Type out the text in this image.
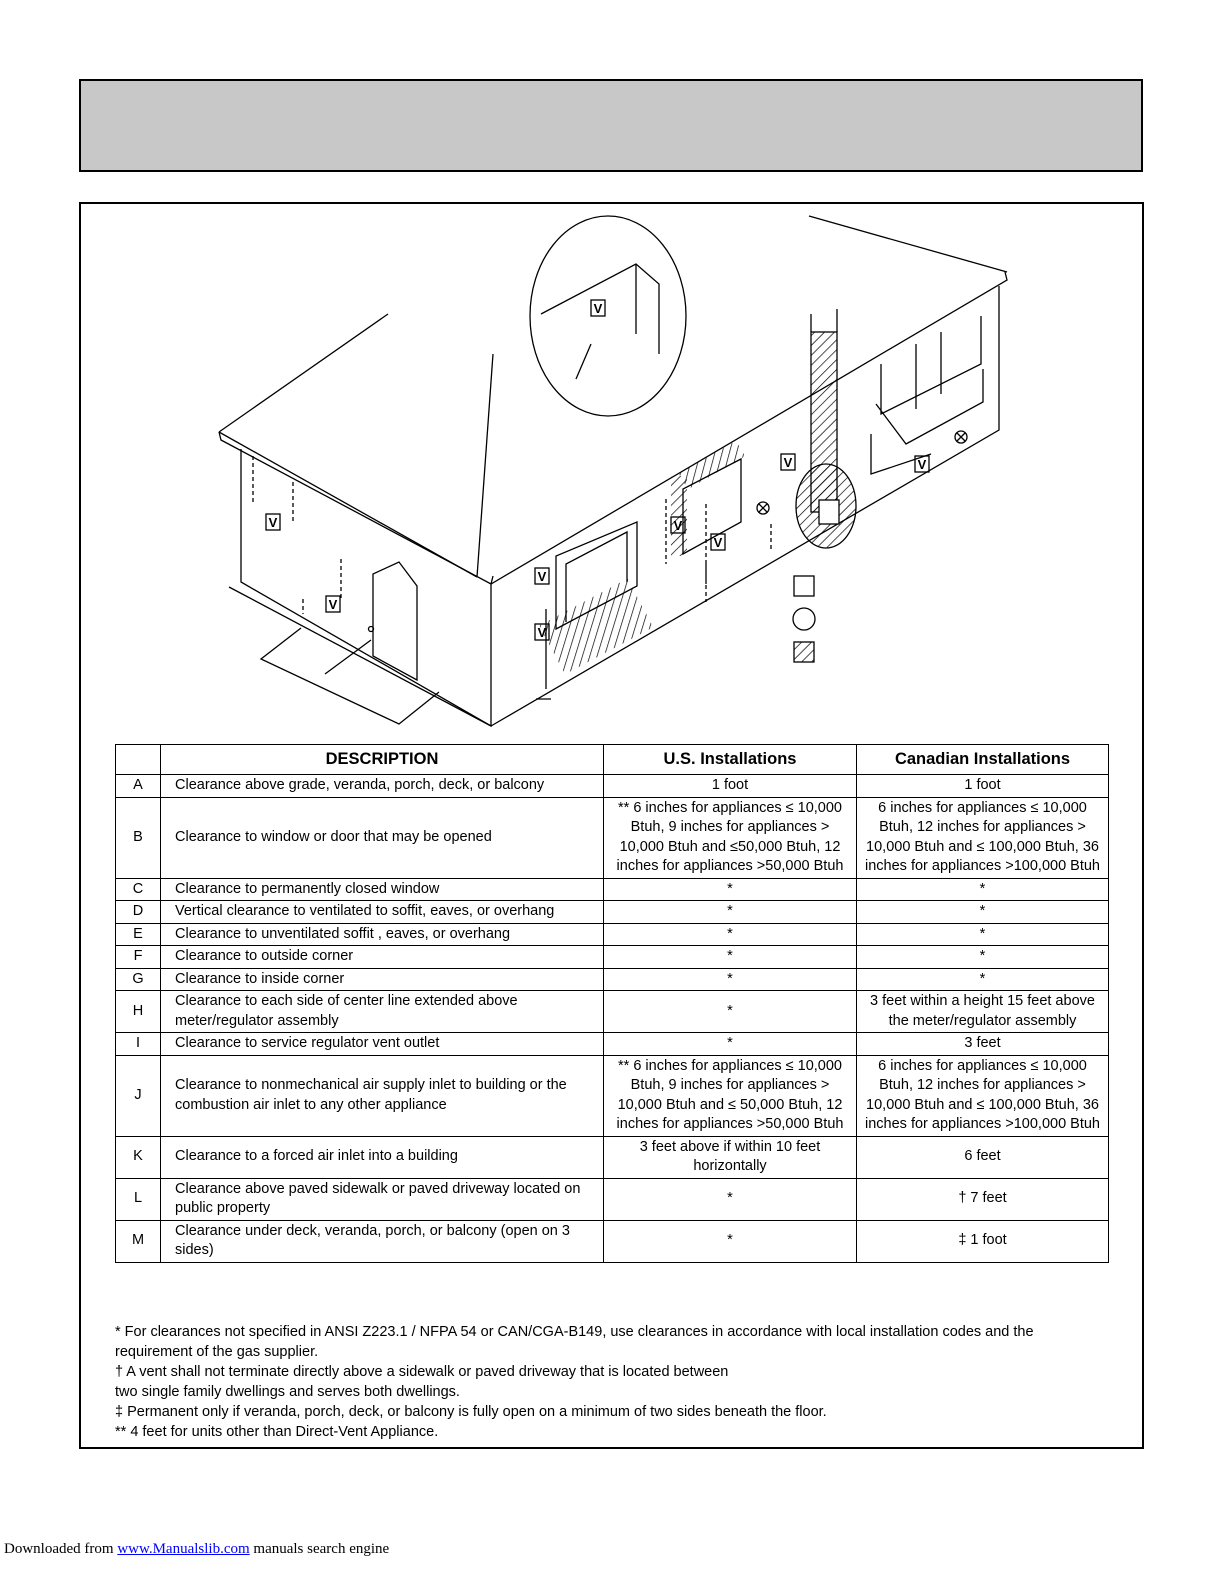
V
V
V
V
V
V
V	V
V
	DESCRIPTION	U.S. Installations	Canadian Installations
A	Clearance above grade, veranda, porch, deck, or balcony	1 foot	1 foot
B	Clearance to window or door that may be opened	** 6 inches for appliances ≤ 10,000 Btuh, 9 inches for appliances > 10,000 Btuh and ≤50,000 Btuh, 12 inches for appliances >50,000 Btuh	6 inches for appliances ≤ 10,000 Btuh, 12 inches for appliances > 10,000 Btuh and ≤ 100,000 Btuh, 36 inches for appliances >100,000 Btuh
C	Clearance to permanently closed window	*	*
D	Vertical clearance to ventilated to soffit, eaves, or overhang	*	*
E	Clearance to unventilated soffit , eaves, or overhang	*	*
F	Clearance to outside corner	*	*
G	Clearance to inside corner	*	*
H	Clearance to each side of center line extended above meter/regulator assembly	*	3 feet within a height 15 feet above the meter/regulator assembly
I	Clearance to service regulator vent outlet	*	3 feet
J	Clearance to nonmechanical air supply inlet to building or the combustion air inlet to any other appliance	** 6 inches for appliances ≤ 10,000 Btuh, 9 inches for appliances > 10,000 Btuh and ≤ 50,000 Btuh, 12 inches for appliances >50,000 Btuh	6 inches for appliances ≤ 10,000 Btuh, 12 inches for appliances > 10,000 Btuh and ≤ 100,000 Btuh, 36 inches for appliances >100,000 Btuh
K	Clearance to a forced air inlet into a building	3 feet above if within 10 feet horizontally	6 feet
L	Clearance above paved sidewalk or paved driveway located on public property	*	† 7 feet
M	Clearance under deck, veranda, porch, or balcony (open on 3 sides)	*	‡ 1 foot

* For clearances not specified in ANSI Z223.1 / NFPA 54 or CAN/CGA-B149, use clearances in accordance with local installation codes and the requirement of the gas supplier.

† A vent shall not terminate directly above a sidewalk or paved driveway that is located between

two single family dwellings and serves both dwellings.

‡ Permanent only if veranda, porch, deck, or balcony is fully open on a minimum of two sides beneath the floor.

** 4 feet for units other than Direct-Vent Appliance.

Downloaded from www.Manualslib.com manuals search engine
